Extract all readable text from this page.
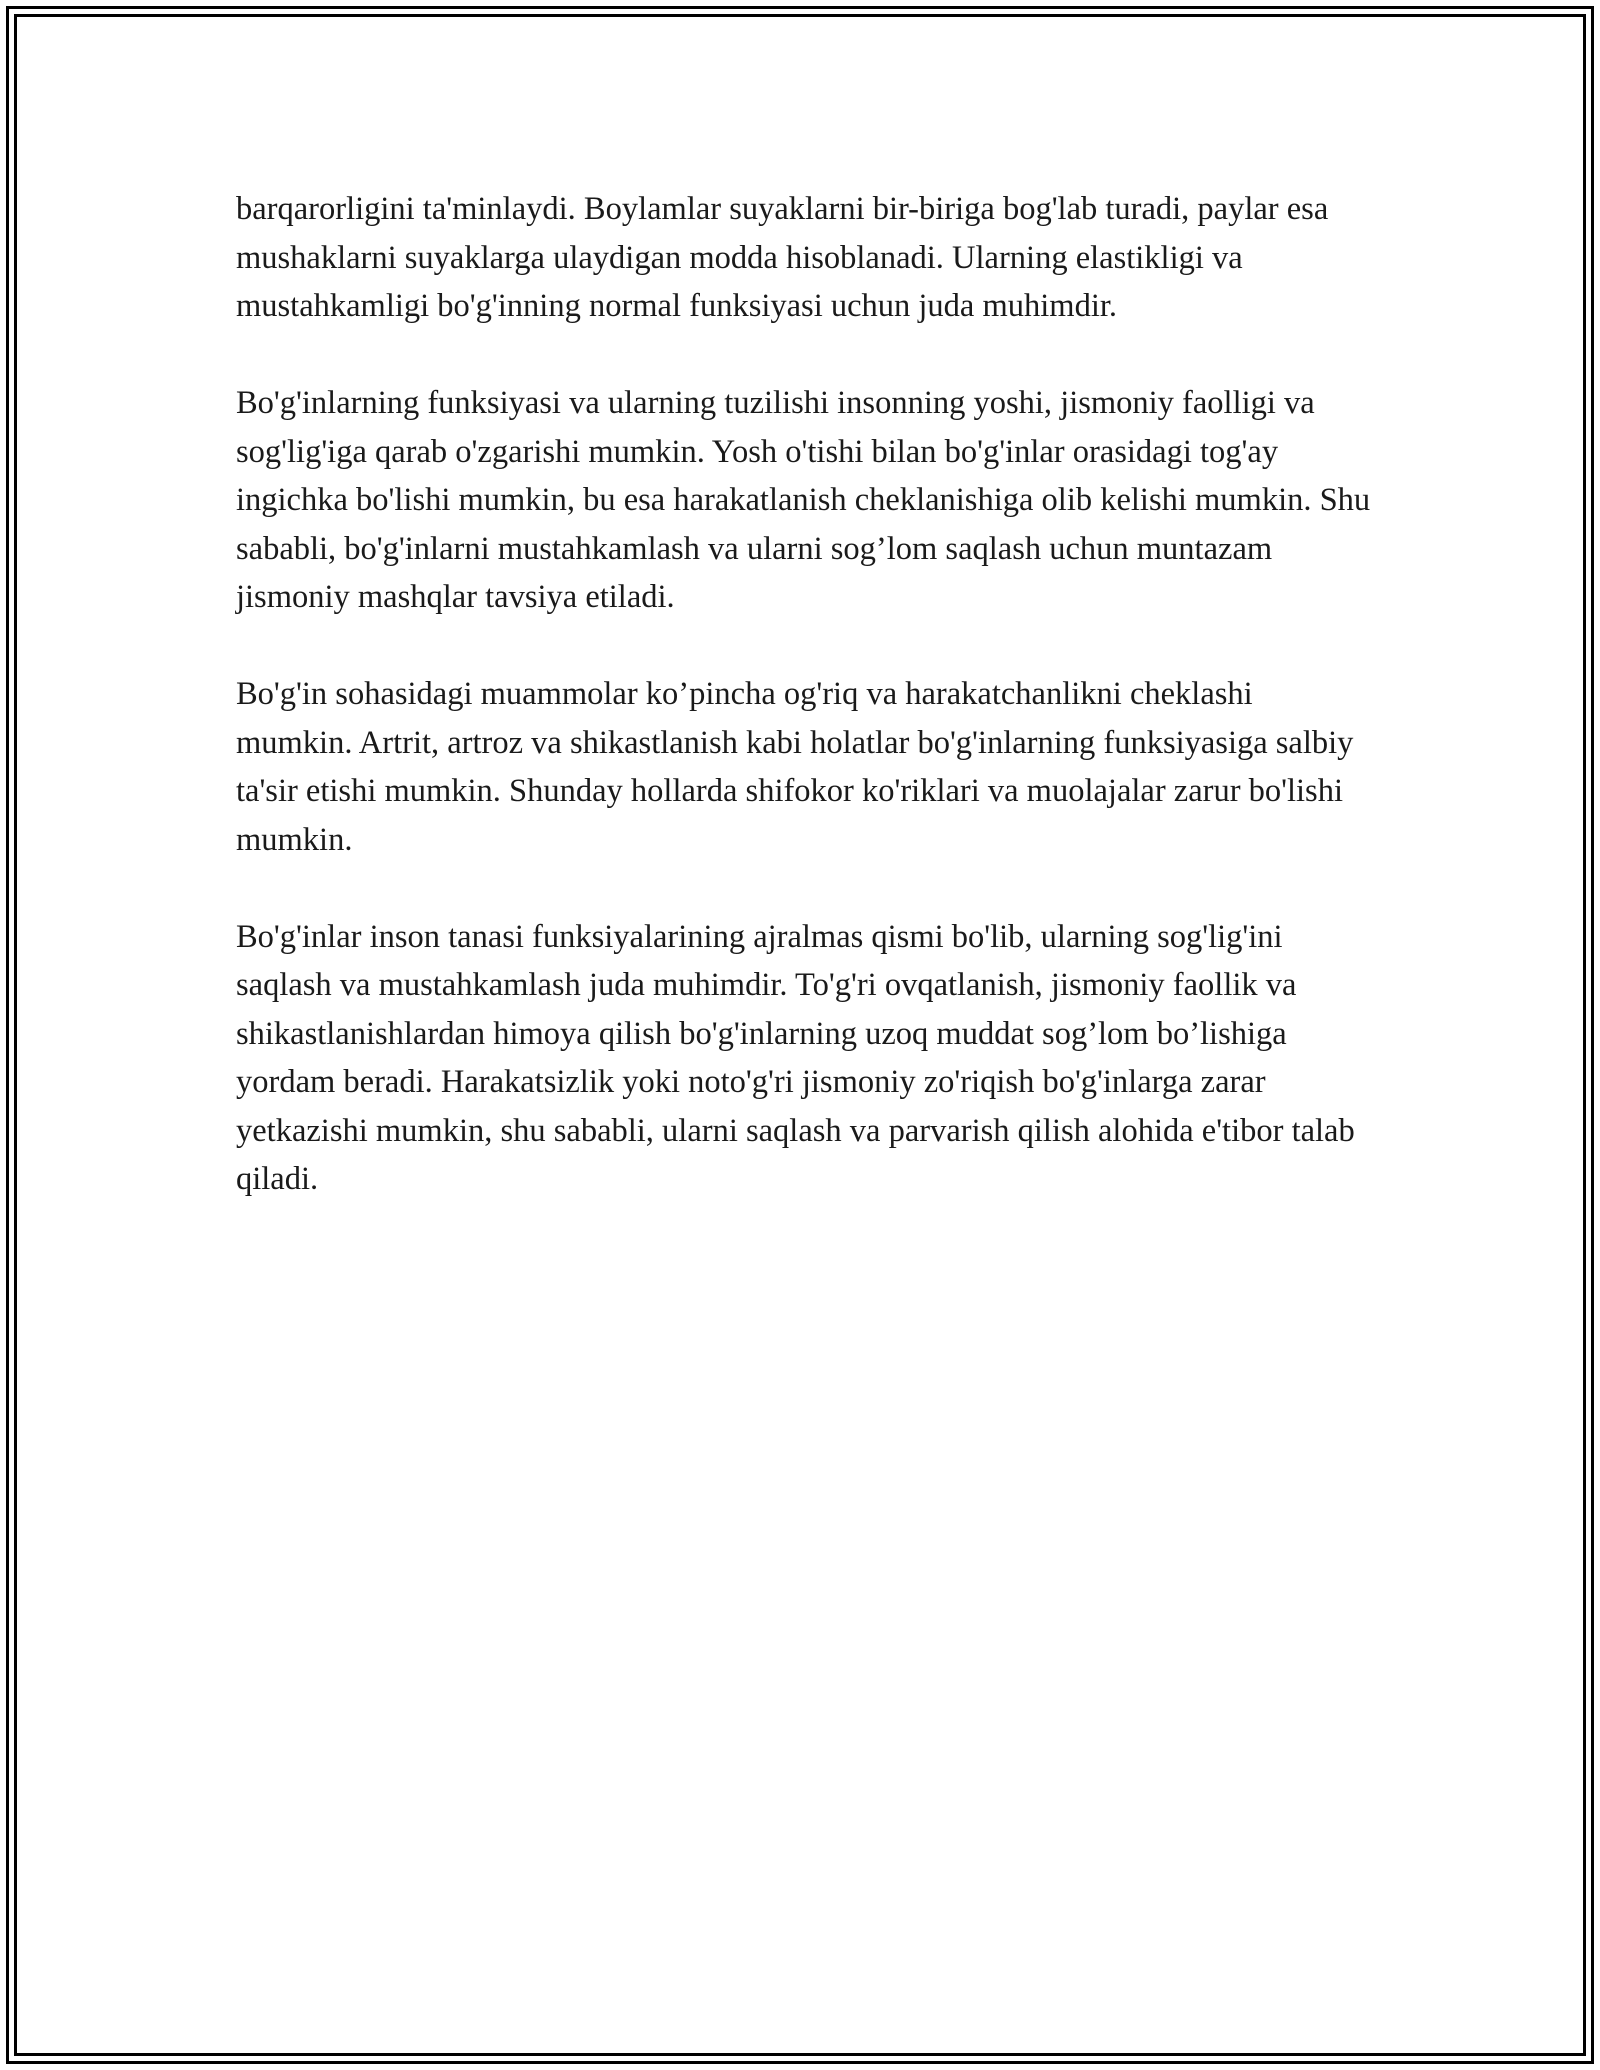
barqarorligini ta'minlaydi. Boylamlar suyaklarni bir-biriga bog'lab turadi, paylar esa mushaklarni suyaklarga ulaydigan modda hisoblanadi. Ularning elastikligi va mustahkamligi bo'g'inning normal funksiyasi uchun juda muhimdir.

Bo'g'inlarning funksiyasi va ularning tuzilishi insonning yoshi, jismoniy faolligi va sog'lig'iga qarab o'zgarishi mumkin. Yosh o'tishi bilan bo'g'inlar orasidagi tog'ay ingichka bo'lishi mumkin, bu esa harakatlanish cheklanishiga olib kelishi mumkin. Shu sababli, bo'g'inlarni mustahkamlash va ularni sog’lom saqlash uchun muntazam jismoniy mashqlar tavsiya etiladi.

Bo'g'in sohasidagi muammolar ko’pincha og'riq va harakatchanlikni cheklashi mumkin. Artrit, artroz va shikastlanish kabi holatlar bo'g'inlarning funksiyasiga salbiy ta'sir etishi mumkin. Shunday hollarda shifokor ko'riklari va muolajalar zarur bo'lishi mumkin.

Bo'g'inlar inson tanasi funksiyalarining ajralmas qismi bo'lib, ularning sog'lig'ini saqlash va mustahkamlash juda muhimdir. To'g'ri ovqatlanish, jismoniy faollik va shikastlanishlardan himoya qilish bo'g'inlarning uzoq muddat sog’lom bo’lishiga yordam beradi. Harakatsizlik yoki noto'g'ri jismoniy zo'riqish bo'g'inlarga zarar yetkazishi mumkin, shu sababli, ularni saqlash va parvarish qilish alohida e'tibor talab qiladi.
